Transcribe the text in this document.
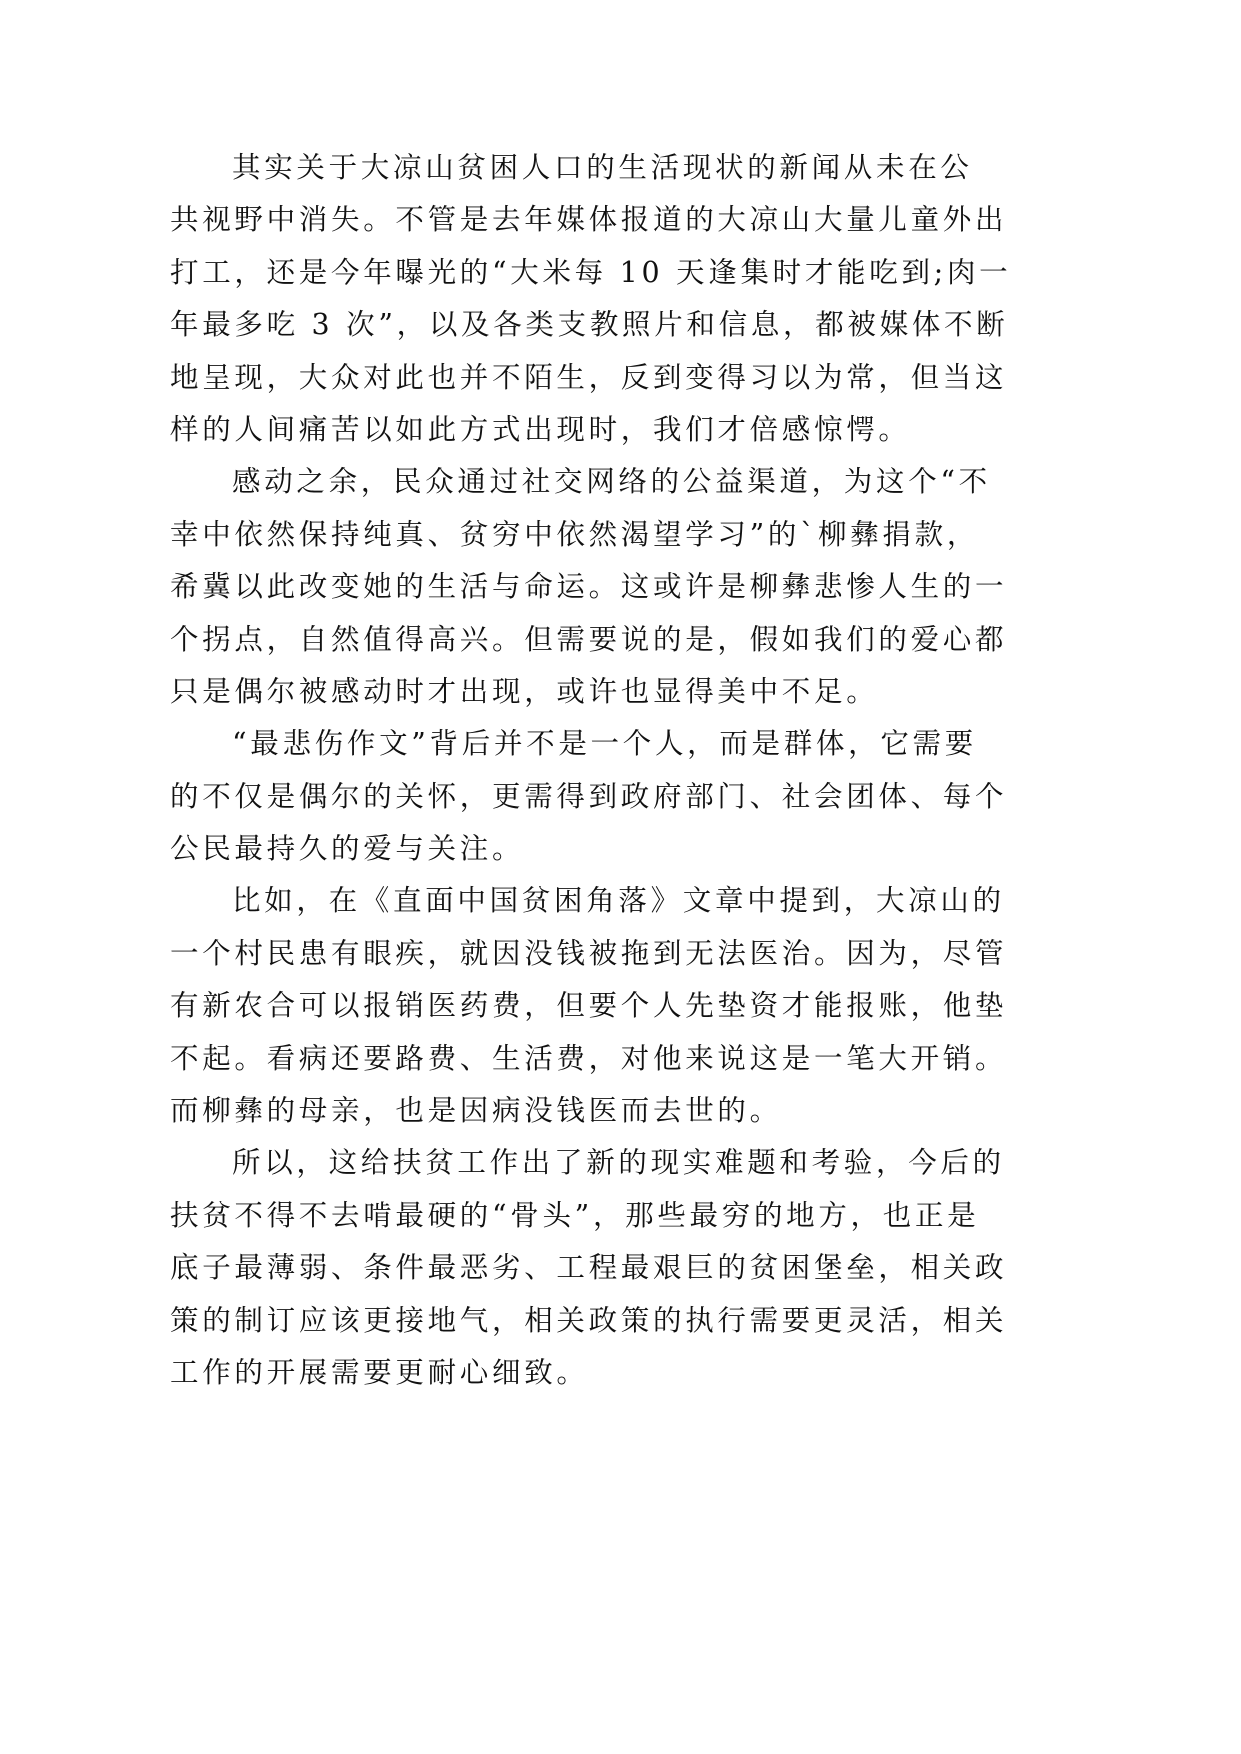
其实关于大凉山贫困人口的生活现状的新闻从未在公
共视野中消失。不管是去年媒体报道的大凉山大量儿童外出
打工，还是今年曝光的“大米每 10 天逢集时才能吃到;肉一
年最多吃 3 次”，以及各类支教照片和信息，都被媒体不断
地呈现，大众对此也并不陌生，反到变得习以为常，但当这
样的人间痛苦以如此方式出现时，我们才倍感惊愕。
感动之余，民众通过社交网络的公益渠道，为这个“不
幸中依然保持纯真、贫穷中依然渴望学习”的`柳彝捐款，
希冀以此改变她的生活与命运。这或许是柳彝悲惨人生的一
个拐点，自然值得高兴。但需要说的是，假如我们的爱心都
只是偶尔被感动时才出现，或许也显得美中不足。
“最悲伤作文”背后并不是一个人，而是群体，它需要
的不仅是偶尔的关怀，更需得到政府部门、社会团体、每个
公民最持久的爱与关注。
比如，在《直面中国贫困角落》文章中提到，大凉山的
一个村民患有眼疾，就因没钱被拖到无法医治。因为，尽管
有新农合可以报销医药费，但要个人先垫资才能报账，他垫
不起。看病还要路费、生活费，对他来说这是一笔大开销。
而柳彝的母亲，也是因病没钱医而去世的。
所以，这给扶贫工作出了新的现实难题和考验，今后的
扶贫不得不去啃最硬的“骨头”，那些最穷的地方，也正是
底子最薄弱、条件最恶劣、工程最艰巨的贫困堡垒，相关政
策的制订应该更接地气，相关政策的执行需要更灵活，相关
工作的开展需要更耐心细致。
